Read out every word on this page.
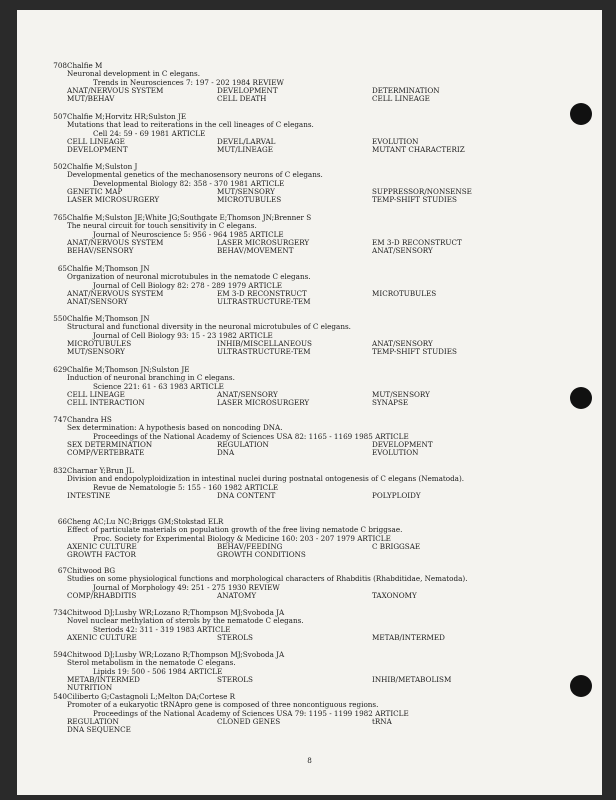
708 Chalfie M
Neuronal development in C elegans.
Trends in Neurosciences 7: 197 - 202 1984 REVIEW
ANAT/NERVOUS SYSTEM	DEVELOPMENT	DETERMINATION
MUT/BEHAV	CELL DEATH	CELL LINEAGE
507 Chalfie M;Horvitz HR;Sulston JE
Mutations that lead to reiterations in the cell lineages of C elegans.
Cell 24: 59 - 69 1981 ARTICLE
CELL LINEAGE	DEVEL/LARVAL	EVOLUTION
DEVELOPMENT	MUT/LINEAGE	MUTANT CHARACTERIZ
502 Chalfie M;Sulston J
Developmental genetics of the mechanosensory neurons of C elegans.
Developmental Biology 82: 358 - 370 1981 ARTICLE
GENETIC MAP	MUT/SENSORY	SUPPRESSOR/NONSENSE
LASER MICROSURGERY	MICROTUBULES	TEMP-SHIFT STUDIES
765 Chalfie M;Sulston JE;White JG;Southgate E;Thomson JN;Brenner S
The neural circuit for touch sensitivity in C elegans.
Journal of Neuroscience 5: 956 - 964 1985 ARTICLE
ANAT/NERVOUS SYSTEM	LASER MICROSURGERY	EM 3-D RECONSTRUCT
BEHAV/SENSORY	BEHAV/MOVEMENT	ANAT/SENSORY
65 Chalfie M;Thomson JN
Organization of neuronal microtubules in the nematode C elegans.
Journal of Cell Biology 82: 278 - 289 1979 ARTICLE
ANAT/NERVOUS SYSTEM	EM 3-D RECONSTRUCT	MICROTUBULES
ANAT/SENSORY	ULTRASTRUCTURE-TEM
550 Chalfie M;Thomson JN
Structural and functional diversity in the neuronal microtubules of C elegans.
Journal of Cell Biology 93: 15 - 23 1982 ARTICLE
MICROTUBULES	INHIB/MISCELLANEOUS	ANAT/SENSORY
MUT/SENSORY	ULTRASTRUCTURE-TEM	TEMP-SHIFT STUDIES
629 Chalfie M;Thomson JN;Sulston JE
Induction of neuronal branching in C elegans.
Science 221: 61 - 63 1983 ARTICLE
CELL LINEAGE	ANAT/SENSORY	MUT/SENSORY
CELL INTERACTION	LASER MICROSURGERY	SYNAPSE
747 Chandra HS
Sex determination: A hypothesis based on noncoding DNA.
Proceedings of the National Academy of Sciences USA 82: 1165 - 1169 1985 ARTICLE
SEX DETERMINATION	REGULATION	DEVELOPMENT
COMP/VERTEBRATE	DNA	EVOLUTION
832 Charnar Y;Brun JL
Division and endopolyploidization in intestinal nuclei during postnatal ontogenesis of C elegans (Nematoda).
Revue de Nematologie 5: 155 - 160 1982 ARTICLE
INTESTINE	DNA CONTENT	POLYPLOIDY
66 Cheng AC;Lu NC;Briggs GM;Stokstad ELR
Effect of particulate materials on population growth of the free living nematode C briggsae.
Proc. Society for Experimental Biology & Medicine 160: 203 - 207 1979 ARTICLE
AXENIC CULTURE	BEHAV/FEEDING	C BRIGGSAE
GROWTH FACTOR	GROWTH CONDITIONS
67 Chitwood BG
Studies on some physiological functions and morphological characters of Rhabditis (Rhabditidae, Nematoda).
Journal of Morphology 49: 251 - 275 1930 REVIEW
COMP/RHABDITIS	ANATOMY	TAXONOMY
734 Chitwood DJ;Lusby WR;Lozano R;Thompson MJ;Svoboda JA
Novel nuclear methylation of sterols by the nematode C elegans.
Steriods 42: 311 - 319 1983 ARTICLE
AXENIC CULTURE	STEROLS	METAB/INTERMED
594 Chitwood DJ;Lusby WR;Lozano R;Thompson MJ;Svoboda JA
Sterol metabolism in the nematode C elegans.
Lipids 19: 500 - 506 1984 ARTICLE
METAB/INTERMED	STEROLS	INHIB/METABOLISM
NUTRITION
540 Ciliberto G;Castagnoli L;Melton DA;Cortese R
Promoter of a eukaryotic tRNApro gene is composed of three noncontiguous regions.
Proceedings of the National Academy of Sciences USA 79: 1195 - 1199 1982 ARTICLE
REGULATION	CLONED GENES	tRNA
DNA SEQUENCE
8
